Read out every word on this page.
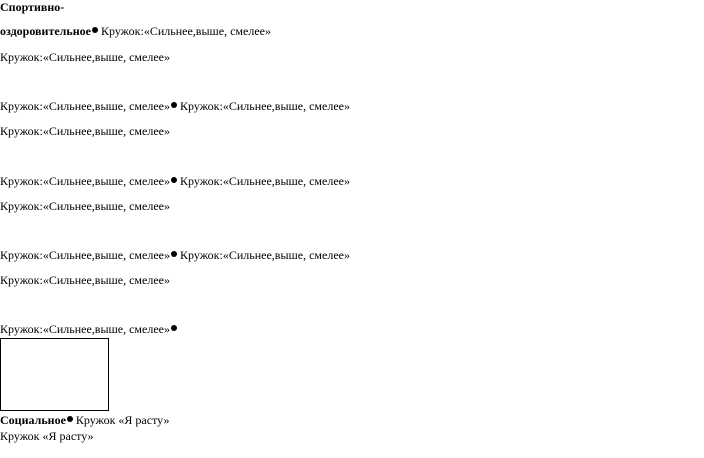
Спортивно-
оздоровительное Кружок:«Сильнее,выше, смелее»
Кружок:«Сильнее,выше, смелее»
Кружок:«Сильнее,выше, смелее» Кружок:«Сильнее,выше, смелее»
Кружок:«Сильнее,выше, смелее»
Кружок:«Сильнее,выше, смелее» Кружок:«Сильнее,выше, смелее»
Кружок:«Сильнее,выше, смелее»
Кружок:«Сильнее,выше, смелее» Кружок:«Сильнее,выше, смелее»
Кружок:«Сильнее,выше, смелее»
Кружок:«Сильнее,выше, смелее»
Социальное Кружок «Я расту»
Кружок «Я расту»
